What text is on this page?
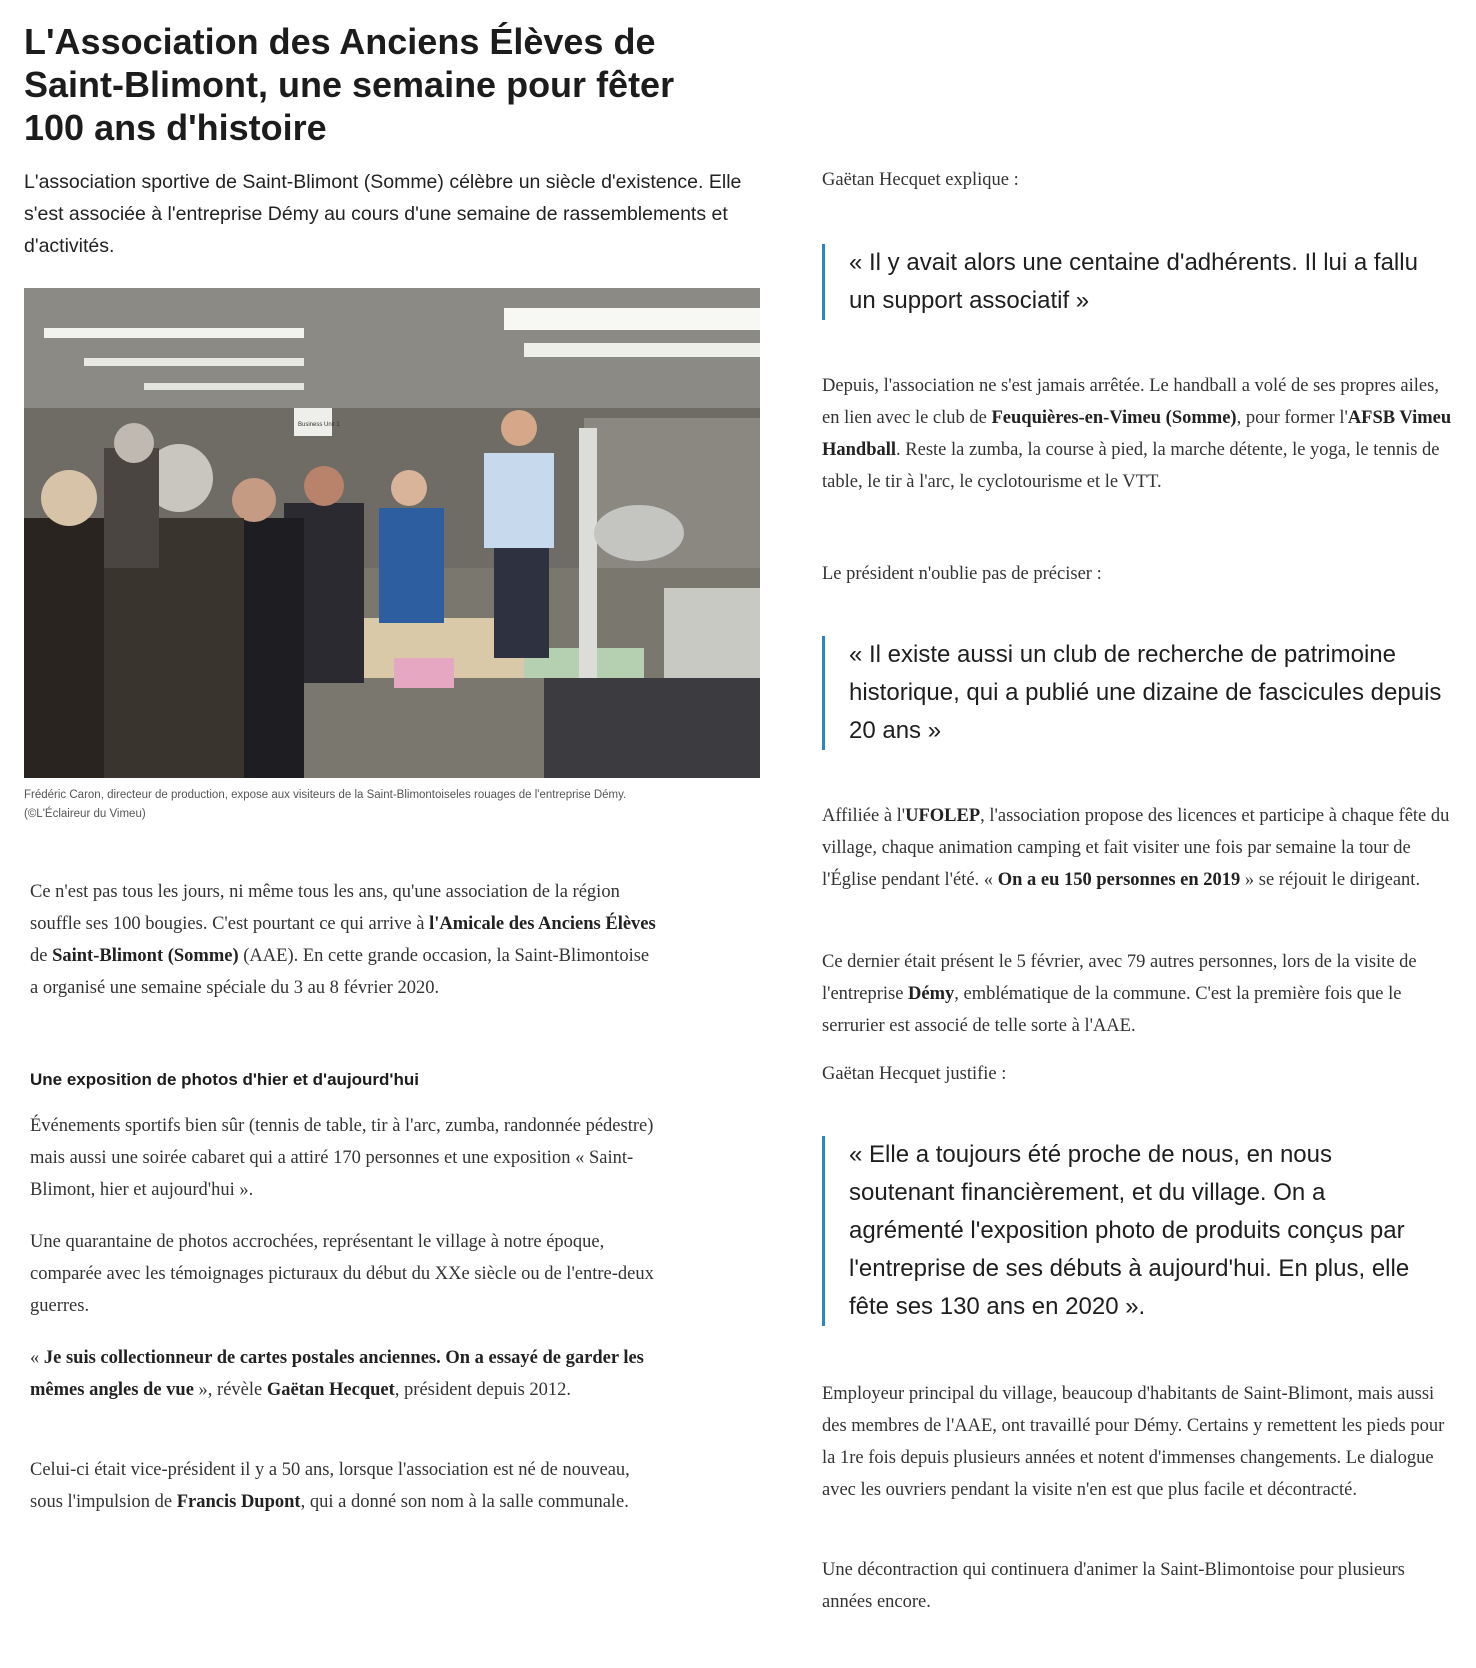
L'Association des Anciens Élèves de Saint-Blimont, une semaine pour fêter 100 ans d'histoire

L'association sportive de Saint-Blimont (Somme) célèbre un siècle d'existence. Elle s'est associée à l'entreprise Démy au cours d'une semaine de rassemblements et d'activités.

Business Unit 1

Frédéric Caron, directeur de production, expose aux visiteurs de la Saint-Blimontoiseles rouages de l'entreprise Démy.
(©L'Éclaireur du Vimeu)

Ce n'est pas tous les jours, ni même tous les ans, qu'une association de la région souffle ses 100 bougies. C'est pourtant ce qui arrive à l'Amicale des Anciens Élèves de Saint-Blimont (Somme) (AAE). En cette grande occasion, la Saint-Blimontoise a organisé une semaine spéciale du 3 au 8 février 2020.

Une exposition de photos d'hier et d'aujourd'hui

Événements sportifs bien sûr (tennis de table, tir à l'arc, zumba, randonnée pédestre) mais aussi une soirée cabaret qui a attiré 170 personnes et une exposition « Saint-Blimont, hier et aujourd'hui ».

Une quarantaine de photos accrochées, représentant le village à notre époque, comparée avec les témoignages picturaux du début du XXe siècle ou de l'entre-deux guerres.

« Je suis collectionneur de cartes postales anciennes. On a essayé de garder les mêmes angles de vue », révèle Gaëtan Hecquet, président depuis 2012.

Celui-ci était vice-président il y a 50 ans, lorsque l'association est né de nouveau, sous l'impulsion de Francis Dupont, qui a donné son nom à la salle communale.

Gaëtan Hecquet explique :

« Il y avait alors une centaine d'adhérents. Il lui a fallu un support associatif »

Depuis, l'association ne s'est jamais arrêtée. Le handball a volé de ses propres ailes, en lien avec le club de Feuquières-en-Vimeu (Somme), pour former l'AFSB Vimeu Handball. Reste la zumba, la course à pied, la marche détente, le yoga, le tennis de table, le tir à l'arc, le cyclotourisme et le VTT.

Le président n'oublie pas de préciser :

« Il existe aussi un club de recherche de patrimoine historique, qui a publié une dizaine de fascicules depuis 20 ans »

Affiliée à l'UFOLEP, l'association propose des licences et participe à chaque fête du village, chaque animation camping et fait visiter une fois par semaine la tour de l'Église pendant l'été. « On a eu 150 personnes en 2019 » se réjouit le dirigeant.

Ce dernier était présent le 5 février, avec 79 autres personnes, lors de la visite de l'entreprise Démy, emblématique de la commune. C'est la première fois que le serrurier est associé de telle sorte à l'AAE.

Gaëtan Hecquet justifie :

« Elle a toujours été proche de nous, en nous soutenant financièrement, et du village. On a agrémenté l'exposition photo de produits conçus par l'entreprise de ses débuts à aujourd'hui. En plus, elle fête ses 130 ans en 2020 ».

Employeur principal du village, beaucoup d'habitants de Saint-Blimont, mais aussi des membres de l'AAE, ont travaillé pour Démy. Certains y remettent les pieds pour la 1re fois depuis plusieurs années et notent d'immenses changements. Le dialogue avec les ouvriers pendant la visite n'en est que plus facile et décontracté.

Une décontraction qui continuera d'animer la Saint-Blimontoise pour plusieurs années encore.
